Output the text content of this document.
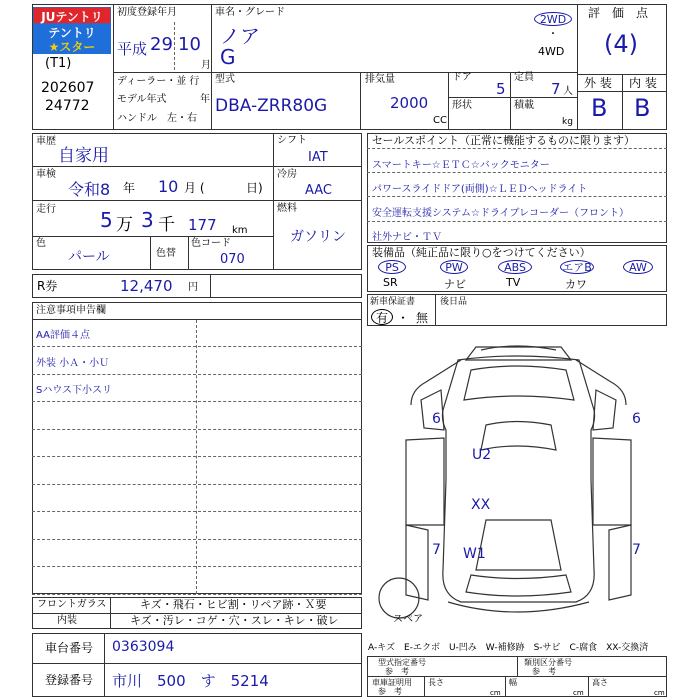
JUテントリ
テントリ
★スター
(T1)
202607
24772
初度登録年月
平成 29 10
月
車名・グレード
ノア
G
2WD
・
4WD
評　価　点
(4)
ディーラー・並 行
モデル年式	年
ハンドル　左・右
型式
DBA-ZRR80G
排気量
2000
CC
ドア
5
定員
7 人
形状	積載
kg
外 装 内 装
B B
車歴
自家用
車検
令和8 年 10 月 (	日)
走行 5 万 3 千 177 km
色
パール	色替
色コード
070
シフト
IAT
冷房
AAC
燃料
ガソリン
セールスポイント（正常に機能するものに限ります）
スマートキー☆ＥＴＣ☆バックモニター
パワースライドドア(両側)☆ＬＥＤヘッドライト
安全運転支援システム☆ドライブレコーダー（フロント）
社外ナビ・ＴＶ
装備品（純正品に限り○をつけてください）
PS	PW	ABS	エアB	AW
SR	ナビ	TV	カワ
新車保証書
有 ・ 無
後日品
R券	12,470 円
注意事項申告欄
AA評価４点
外装 小Ａ・小Ｕ
Sハウス下小スリ
6	6
7	7
U2
XX
W1
スペア
フロントガラス	キズ・飛石・ヒビ割・リペア跡・Ｘ要
内装	キズ・汚レ・コゲ・穴・スレ・キレ・破レ
車台番号 0363094
登録番号 市川　500　す　5214
A-キズ　E-エクボ　U-凹み　W-補修跡　S-サビ　C-腐食　XX-交換済
型式指定番号
参　考
類別区分番号
参　考
車庫証明用
参　考
長さ
cm
幅
cm
高さ
cm
